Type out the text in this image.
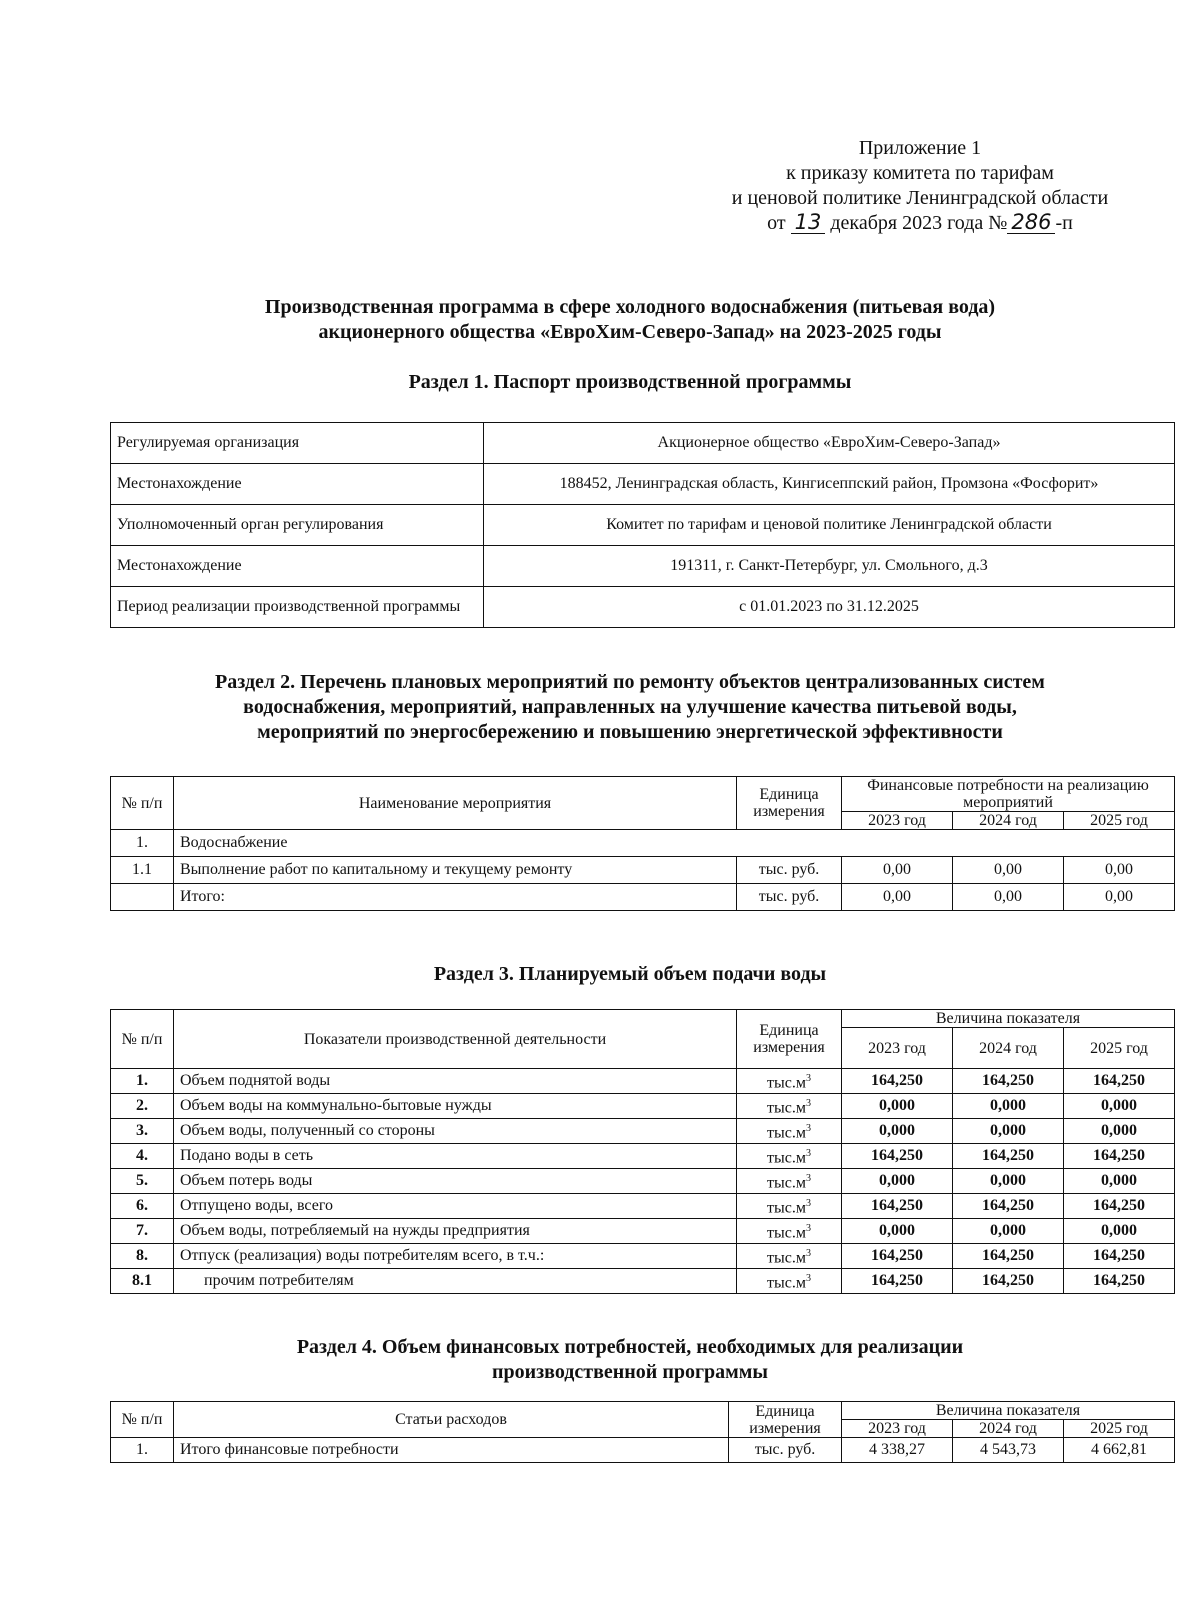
Приложение 1
к приказу комитета по тарифам
и ценовой политике Ленинградской области
от 13 декабря 2023 года № 286 -п
Производственная программа в сфере холодного водоснабжения (питьевая вода)
акционерного общества «ЕвроХим-Северо-Запад» на 2023-2025 годы
Раздел 1. Паспорт производственной программы
Регулируемая организация	Акционерное общество «ЕвроХим-Северо-Запад»
Местонахождение	188452, Ленинградская область, Кингисеппский район, Промзона «Фосфорит»
Уполномоченный орган регулирования	Комитет по тарифам и ценовой политике Ленинградской области
Местонахождение	191311, г. Санкт-Петербург, ул. Смольного, д.3
Период реализации производственной программы	с 01.01.2023 по 31.12.2025
Раздел 2. Перечень плановых мероприятий по ремонту объектов централизованных систем
водоснабжения, мероприятий, направленных на улучшение качества питьевой воды,
мероприятий по энергосбережению и повышению энергетической эффективности
№ п/п	Наименование мероприятия	Единица измерения	Финансовые потребности на реализацию мероприятий		
			2023 год	2024 год	2025 год
1.	Водоснабжение				
1.1	Выполнение работ по капитальному и текущему ремонту	тыс. руб.	0,00	0,00	0,00
	Итого:	тыс. руб.	0,00	0,00	0,00
Раздел 3. Планируемый объем подачи воды
№ п/п	Показатели производственной деятельности	Единица измерения	Величина показателя		
			2023 год	2024 год	2025 год
1.	Объем поднятой воды	$тыс.м^3$	164,250	164,250	164,250
2.	Объем воды на коммунально-бытовые нужды	$тыс.м^3$	0,000	0,000	0,000
3.	Объем воды, полученный со стороны	$тыс.м^3$	0,000	0,000	0,000
4.	Подано воды в сеть	$тыс.м^3$	164,250	164,250	164,250
5.	Объем потерь воды	$тыс.м^3$	0,000	0,000	0,000
6.	Отпущено воды, всего	$тыс.м^3$	164,250	164,250	164,250
7.	Объем воды, потребляемый на нужды предприятия	$тыс.м^3$	0,000	0,000	0,000
8.	Отпуск (реализация) воды потребителям всего, в т.ч.:	$тыс.м^3$	164,250	164,250	164,250
8.1	прочим потребителям	$тыс.м^3$	164,250	164,250	164,250
Раздел 4. Объем финансовых потребностей, необходимых для реализации
производственной программы
№ п/п	Статьи расходов	Единица измерения	Величина показателя		
			2023 год	2024 год	2025 год
1.	Итого финансовые потребности	тыс. руб.	4 338,27	4 543,73	4 662,81
